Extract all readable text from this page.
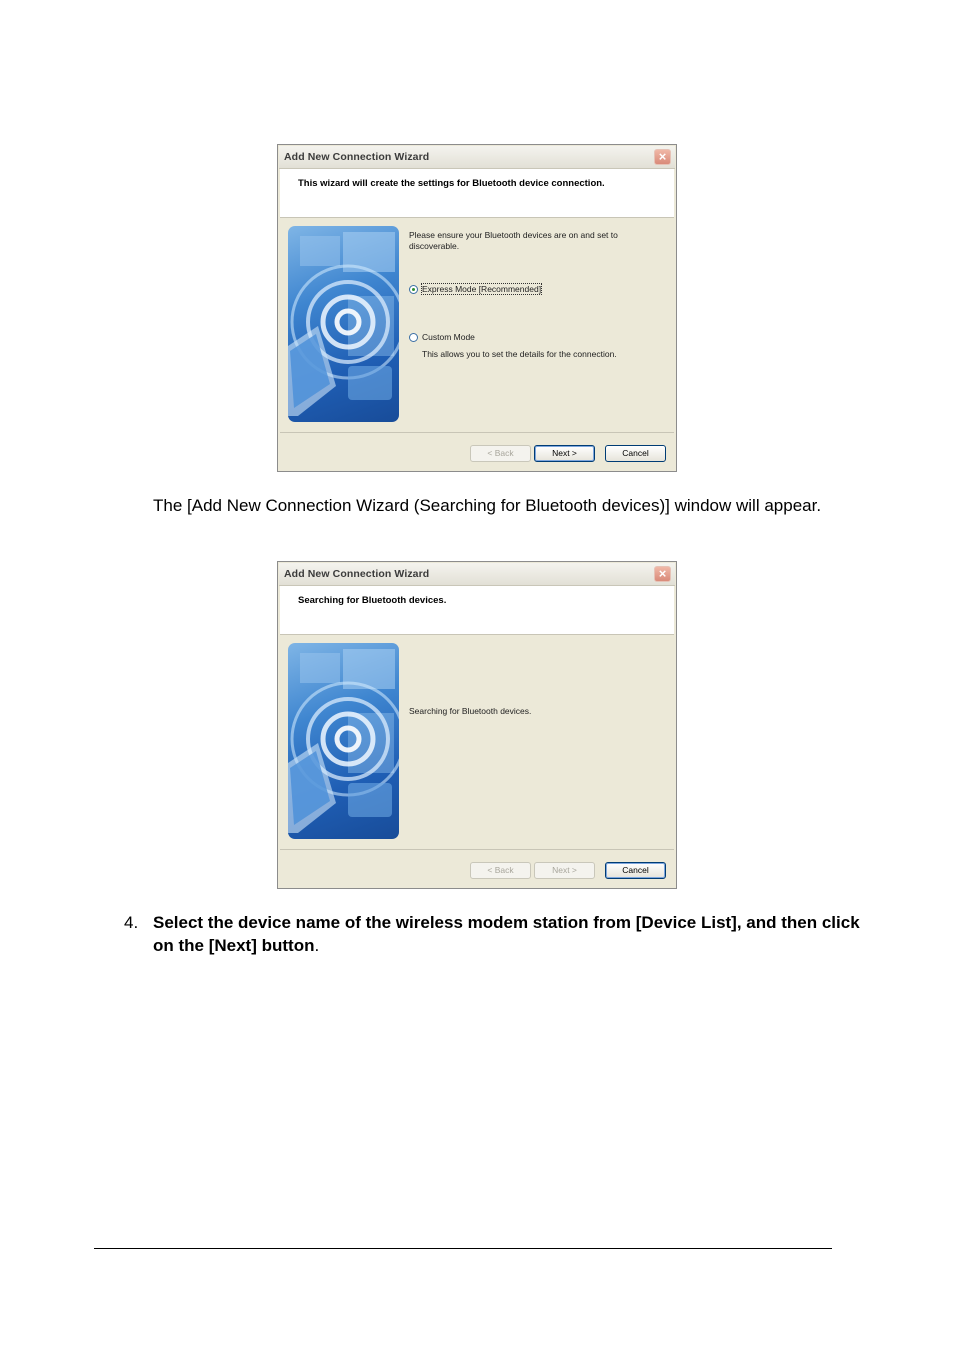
Add New Connection Wizard	×
This wizard will create the settings for Bluetooth device connection.
Please ensure your Bluetooth devices are on and set to discoverable.
Express Mode [Recommended]
Custom Mode
This allows you to set the details for the connection.
< Back	Next >	Cancel
The [Add New Connection Wizard (Searching for Bluetooth devices)] window will appear.
Add New Connection Wizard	×
Searching for Bluetooth devices.
Searching for Bluetooth devices.
< Back	Next >	Cancel
4. Select the device name of the wireless modem station from [Device List], and then click on the [Next] button.
